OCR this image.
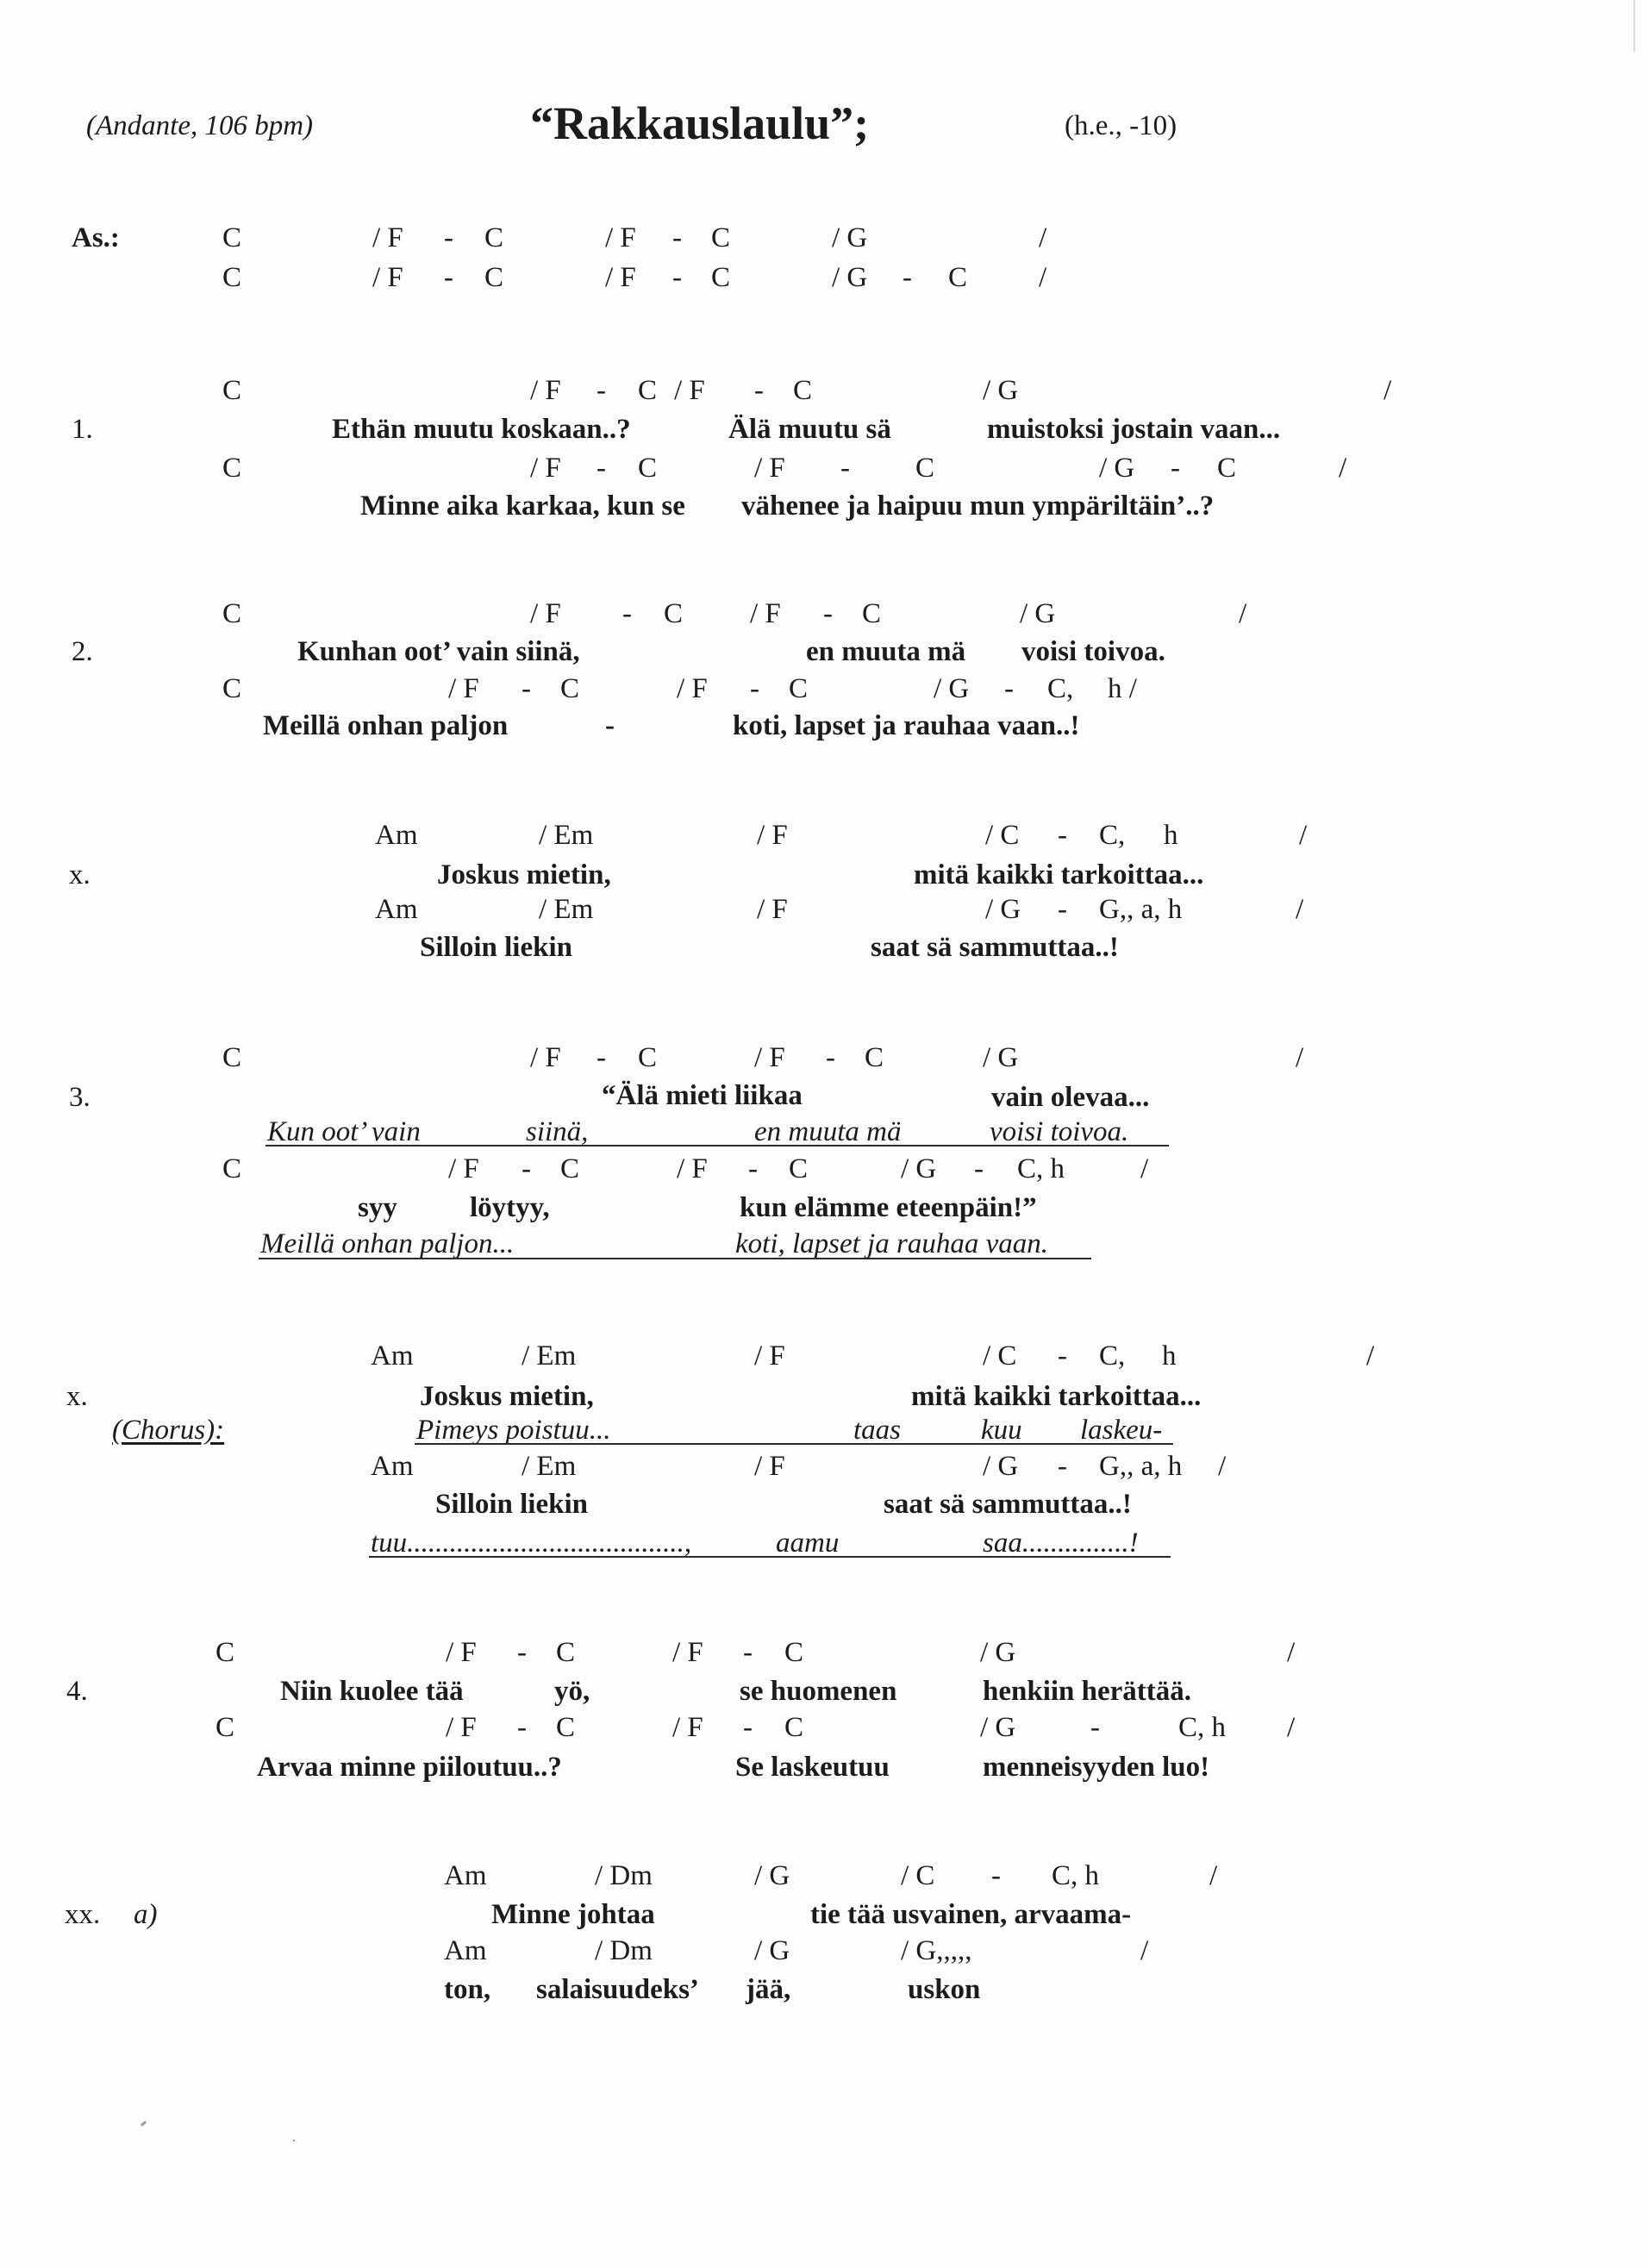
(Andante, 106 bpm)	“Rakkauslaulu”;	(h.e., -10)
As.:	C	/ F - C	/ F - C	/ G	/
C	/ F - C	/ F - C	/ G - C	/
C	/ F - C / F - C	/ G	/
1.	Ethän muutu koskaan..?	Älä muutu sä	muistoksi jostain vaan...
C	/ F - C	/ F - C	/ G - C	/
Minne aika karkaa, kun se vähenee ja haipuu mun ympäriltäin’..?
C	/ F - C / F - C	/ G	/
2.	Kunhan oot’ vain siinä,	en muuta mä voisi toivoa.
C	/ F - C	/ F - C	/ G - C, h /
Meillä onhan paljon	-	koti, lapset ja rauhaa vaan..!
Am	/ Em	/ F	/ C - C, h	/
x.	Joskus mietin,	mitä kaikki tarkoittaa...
Am	/ Em	/ F	/ G - G,, a, h	/
Silloin liekin	saat sä sammuttaa..!
C	/ F - C	/ F - C	/ G	/
3.	“Älä mieti liikaa	vain olevaa...
Kun oot’ vain	siinä,	en muuta mä	voisi toivoa.
C	/ F - C	/ F - C	/ G - C, h	/
syy	löytyy,	kun elämme eteenpäin!”
Meillä onhan paljon...	koti, lapset ja rauhaa vaan.
Am	/ Em	/ F	/ C - C, h	/
x.	Joskus mietin,	mitä kaikki tarkoittaa...
(Chorus):	Pimeys poistuu...	taas	kuu laskeu-
Am	/ Em	/ F	/ G - G,, a, h /
Silloin liekin	saat sä sammuttaa..!
tuu.......................................,	aamu	saa...............!
C	/ F - C	/ F - C	/ G	/
4.	Niin kuolee tää	yö,	se huomenen	henkiin herättää.
C	/ F - C	/ F - C	/ G	-	C, h /
Arvaa minne piiloutuu..?	Se laskeutuu	menneisyyden luo!
Am	/ Dm	/ G	/ C - C, h	/
xx. a)	Minne johtaa	tie tää usvainen, arvaama-
Am	/ Dm	/ G	/ G,,,,,	/
ton, salaisuudeks’ jää,	uskon
